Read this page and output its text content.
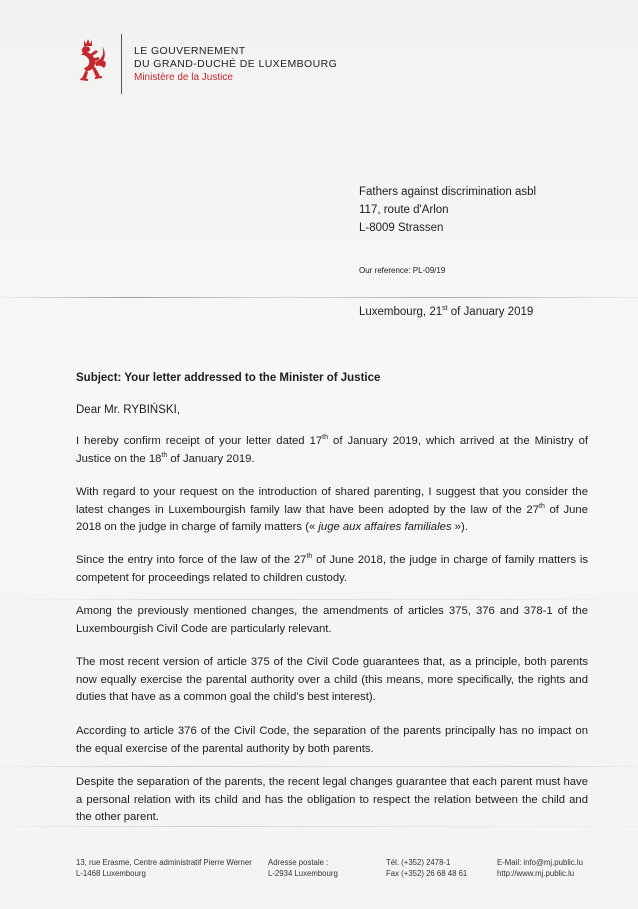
LE GOUVERNEMENT
DU GRAND-DUCHÉ DE LUXEMBOURG
Ministère de la Justice
Fathers against discrimination asbl
117, route d'Arlon
L-8009 Strassen
Our reference: PL-09/19
Luxembourg, 21st of January 2019
Subject: Your letter addressed to the Minister of Justice
Dear Mr. RYBIŃSKI,

I hereby confirm receipt of your letter dated 17th of January 2019, which arrived at the Ministry of Justice on the 18th of January 2019.

With regard to your request on the introduction of shared parenting, I suggest that you consider the latest changes in Luxembourgish family law that have been adopted by the law of the 27th of June 2018 on the judge in charge of family matters (« juge aux affaires familiales »).

Since the entry into force of the law of the 27th of June 2018, the judge in charge of family matters is competent for proceedings related to children custody.

Among the previously mentioned changes, the amendments of articles 375, 376 and 378-1 of the Luxembourgish Civil Code are particularly relevant.

The most recent version of article 375 of the Civil Code guarantees that, as a principle, both parents now equally exercise the parental authority over a child (this means, more specifically, the rights and duties that have as a common goal the child's best interest).

According to article 376 of the Civil Code, the separation of the parents principally has no impact on the equal exercise of the parental authority by both parents.

Despite the separation of the parents, the recent legal changes guarantee that each parent must have a personal relation with its child and has the obligation to respect the relation between the child and the other parent.

13, rue Erasme, Centre administratif Pierre Werner
L-1468 Luxembourg
Adresse postale :
L-2934 Luxembourg
Tél. (+352) 2478-1
Fax (+352) 26 68 48 61
E-Mail: info@mj.public.lu
http://www.mj.public.lu
